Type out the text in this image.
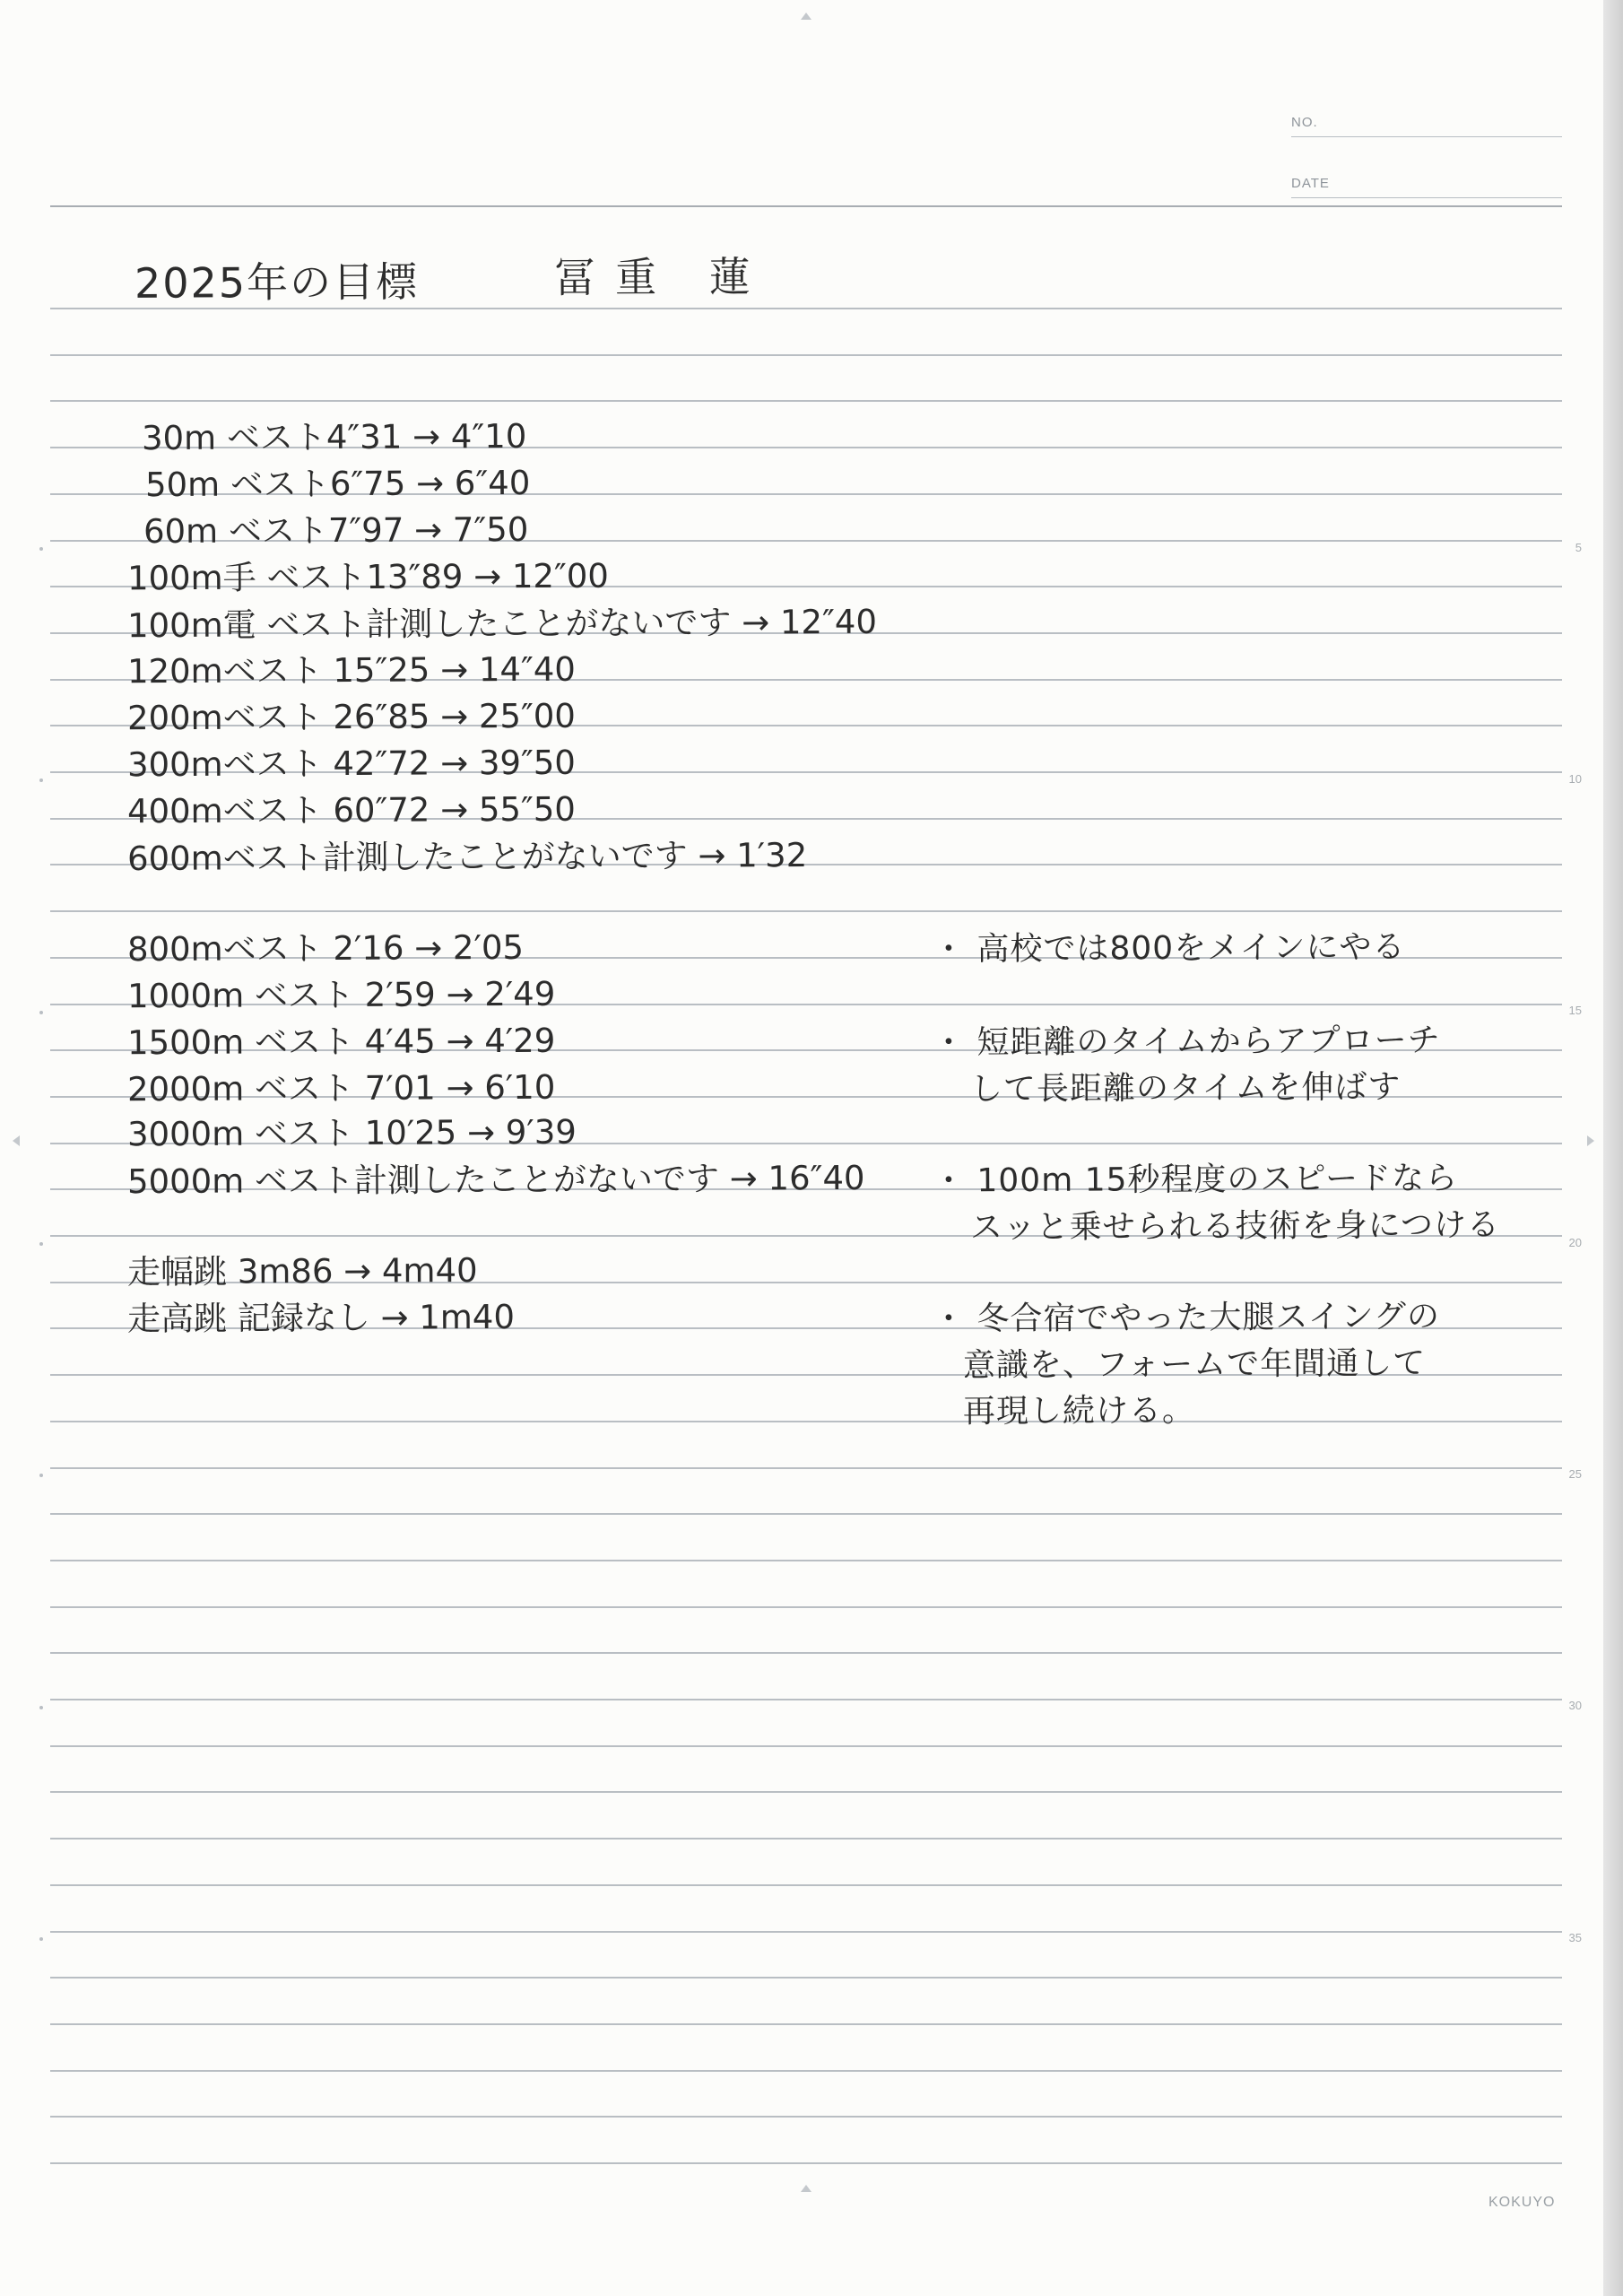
NO.
DATE
5
10
15
20
25
30
35
2025年の目標	冨重 蓮
30m ベスト4″31 → 4″10
50m ベスト6″75 → 6″40
60m ベスト7″97 → 7″50
100m手 ベスト13″89 → 12″00
100m電 ベスト計測したことがないです → 12″40
120mベスト 15″25 → 14″40
200mベスト 26″85 → 25″00
300mベスト 42″72 → 39″50
400mベスト 60″72 → 55″50
600mベスト計測したことがないです → 1′32
800mベスト 2′16 → 2′05
1000m ベスト 2′59 → 2′49
1500m ベスト 4′45 → 4′29
2000m ベスト 7′01 → 6′10
3000m ベスト 10′25 → 9′39
5000m ベスト計測したことがないです → 16″40
走幅跳 3m86 → 4m40
走高跳 記録なし → 1m40
・ 高校では800をメインにやる
・ 短距離のタイムからアプローチ
して長距離のタイムを伸ばす
・ 100m 15秒程度のスピードなら
スッと乗せられる技術を身につける
・ 冬合宿でやった大腿スイングの
意識を、フォームで年間通して
再現し続ける。
KOKUYO
